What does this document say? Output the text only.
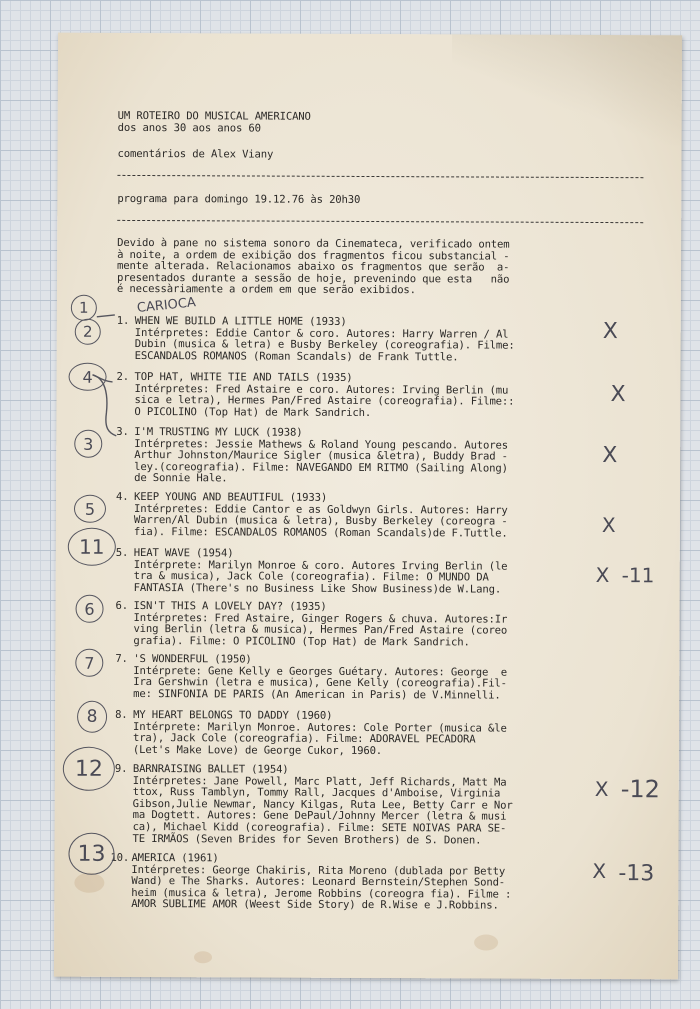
UM ROTEIRO DO MUSICAL AMERICANO

dos anos 30 aos anos 60

comentários de Alex Viany

programa para domingo 19.12.76 às 20h30

Devido à pane no sistema sonoro da Cinemateca, verificado ontem

à noite, a ordem de exibição dos fragmentos ficou substancial -

mente alterada. Relacionamos abaixo os fragmentos que serão  a-

presentados durante a sessão de hoje, prevenindo que esta   não

é necessàriamente a ordem em que serão exibidos.

1. WHEN WE BUILD A LITTLE HOME (1933)

Intérpretes: Eddie Cantor & coro. Autores: Harry Warren / Al

Dubin (musica & letra) e Busby Berkeley (coreografia). Filme:

ESCANDALOS ROMANOS (Roman Scandals) de Frank Tuttle.

2. TOP HAT, WHITE TIE AND TAILS (1935)

Intérpretes: Fred Astaire e coro. Autores: Irving Berlin (mu

sica e letra), Hermes Pan/Fred Astaire (coreografia). Filme::

O PICOLINO (Top Hat) de Mark Sandrich.

3. I'M TRUSTING MY LUCK (1938)

Intérpretes: Jessie Mathews & Roland Young pescando. Autores

Arthur Johnston/Maurice Sigler (musica &letra), Buddy Brad -

ley.(coreografia). Filme: NAVEGANDO EM RITMO (Sailing Along)

de Sonnie Hale.

4. KEEP YOUNG AND BEAUTIFUL (1933)

Intérpretes: Eddie Cantor e as Goldwyn Girls. Autores: Harry

Warren/Al Dubin (musica & letra), Busby Berkeley (coreogra -

fia). Filme: ESCANDALOS ROMANOS (Roman Scandals)de F.Tuttle.

5. HEAT WAVE (1954)

Intérprete: Marilyn Monroe & coro. Autores Irving Berlin (le

tra & musica), Jack Cole (coreografia). Filme: O MUNDO DA

FANTASIA (There's no Business Like Show Business)de W.Lang.

6. ISN'T THIS A LOVELY DAY? (1935)

Intérpretes: Fred Astaire, Ginger Rogers & chuva. Autores:Ir

ving Berlin (letra & musica), Hermes Pan/Fred Astaire (coreo

grafia). Filme: O PICOLINO (Top Hat) de Mark Sandrich.

7. 'S WONDERFUL (1950)

Intérprete: Gene Kelly e Georges Guétary. Autores: George  e

Ira Gershwin (letra e musica), Gene Kelly (coreografia).Fil-

me: SINFONIA DE PARIS (An American in Paris) de V.Minnelli.

8. MY HEART BELONGS TO DADDY (1960)

Intérprete: Marilyn Monroe. Autores: Cole Porter (musica &le

tra), Jack Cole (coreografia). Filme: ADORAVEL PECADORA

(Let's Make Love) de George Cukor, 1960.

9. BARNRAISING BALLET (1954)

Intérpretes: Jane Powell, Marc Platt, Jeff Richards, Matt Ma

ttox, Russ Tamblyn, Tommy Rall, Jacques d'Amboise, Virginia

Gibson,Julie Newmar, Nancy Kilgas, Ruta Lee, Betty Carr e Nor

ma Dogtett. Autores: Gene DePaul/Johnny Mercer (letra & musi

ca), Michael Kidd (coreografia). Filme: SETE NOIVAS PARA SE-

TE IRMÃOS (Seven Brides for Seven Brothers) de S. Donen.

10. AMERICA (1961)

Intérpretes: George Chakiris, Rita Moreno (dublada por Betty

Wand) e The Sharks. Autores: Leonard Bernstein/Stephen Sond-

heim (musica & letra), Jerome Robbins (coreogra fia). Filme :

AMOR SUBLIME AMOR (Weest Side Story) de R.Wise e J.Robbins.

CARIOCA
1
2
4
3
5
11
6
7
8
12
13
X
X
X
X
X -11
X -12
X -13
